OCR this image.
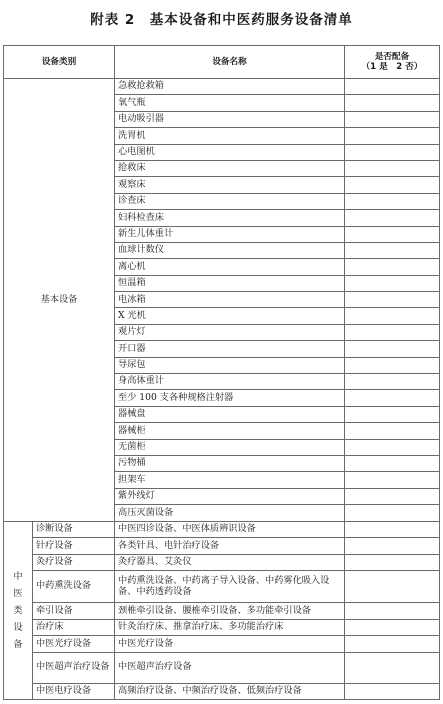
附表 2　基本设备和中医药服务设备清单
设备类别		设备名称	是否配备
（1 是　2 否）

基本设备		急救抢救箱	
		氧气瓶	
		电动吸引器	
		洗胃机	
		心电图机	
		抢救床	
		观察床	
		诊查床	
		妇科检查床	
		新生儿体重计	
		血球计数仪	
		离心机	
		恒温箱	
		电冰箱	
		X 光机	
		观片灯	
		开口器	
		导尿包	
		身高体重计	
		至少 100 支各种规格注射器	
		器械盘	
		器械柜	
		无菌柜	
		污物桶	
		担架车	
		紫外线灯	
		高压灭菌设备	

中
医
类
设
备	诊断设备	中医四诊设备、中医体质辨识设备	
	针疗设备	各类针具、电针治疗设备	
	灸疗设备	灸疗器具、艾灸仪	
	中药熏洗设备	中药熏洗设备、中药离子导入设备、中药雾化吸入设备、中药透药设备	
	牵引设备	颈椎牵引设备、腰椎牵引设备、多功能牵引设备	
	治疗床	针灸治疗床、推拿治疗床、多功能治疗床	
	中医光疗设备	中医光疗设备	
	中医超声治疗设备	中医超声治疗设备	
	中医电疗设备	高频治疗设备、中频治疗设备、低频治疗设备	
